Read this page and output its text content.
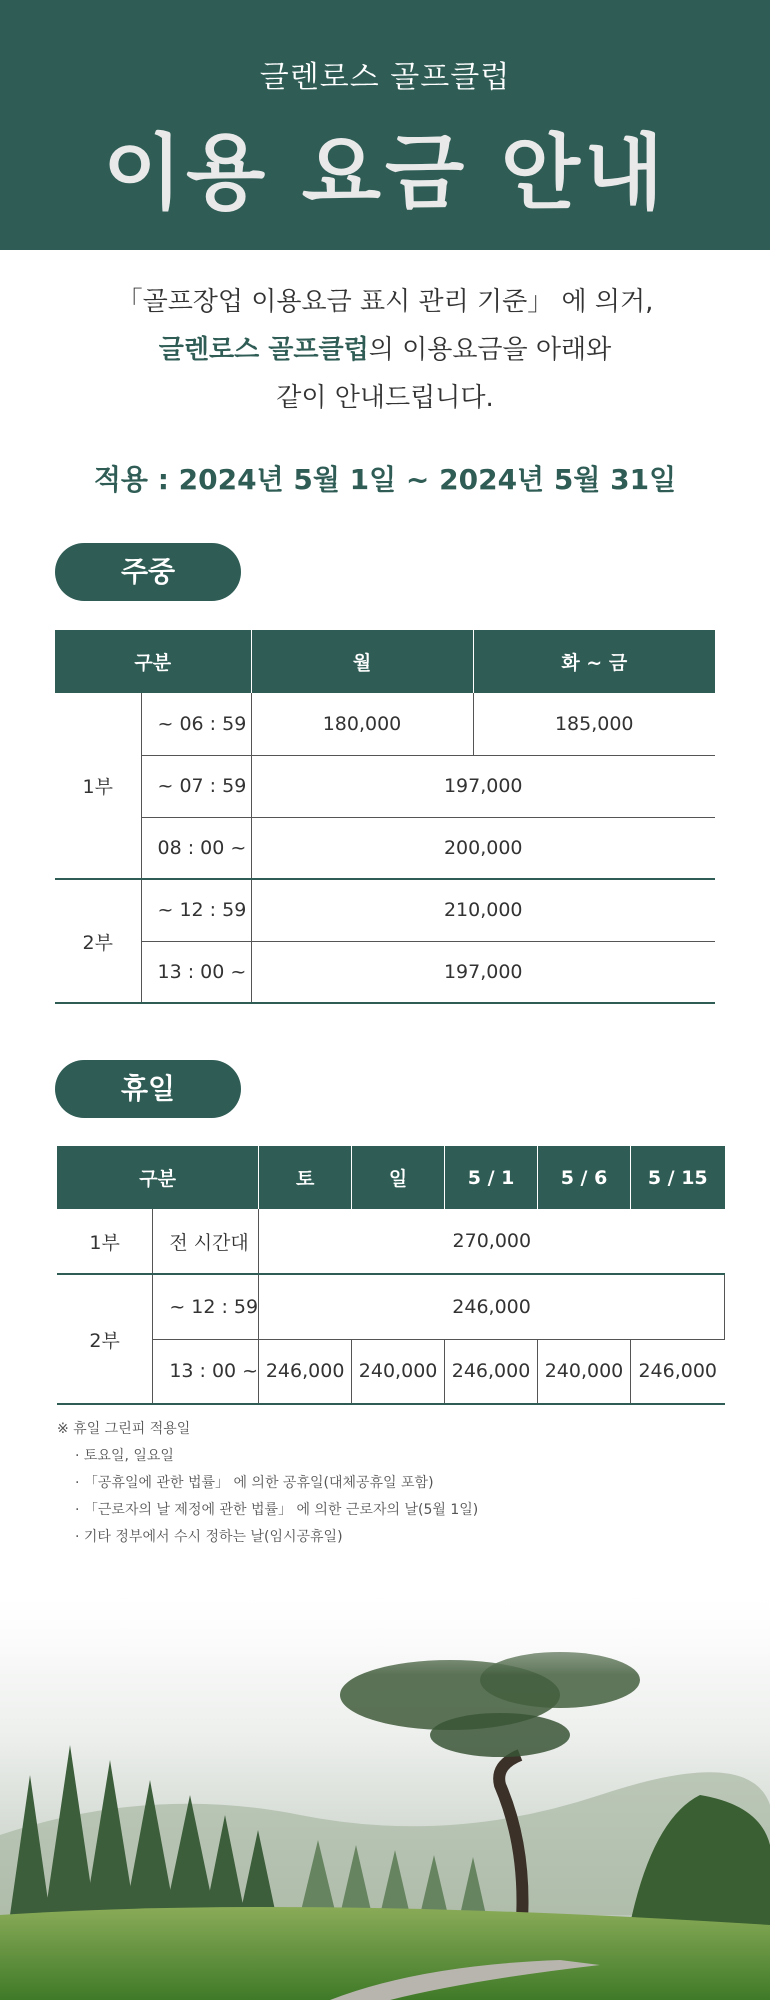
글렌로스 골프클럽
이용 요금 안내
「골프장업 이용요금 표시 관리 기준」 에 의거,
글렌로스 골프클럽의 이용요금을 아래와
같이 안내드립니다.
적용 : 2024년 5월 1일 ~ 2024년 5월 31일
주중
구분		월	화 ~ 금
1부	~ 06 : 59	180,000	185,000
	~ 07 : 59	197,000	
	08 : 00 ~	200,000	
2부	~ 12 : 59	210,000	
	13 : 00 ~	197,000	
휴일
구분		토	일	5 / 1	5 / 6	5 / 15
1부	전 시간대	270,000				
2부	~ 12 : 59	246,000				
	13 : 00 ~	246,000	240,000	246,000	240,000	246,000
※ 휴일 그린피 적용일
· 토요일, 일요일
· 「공휴일에 관한 법률」 에 의한 공휴일(대체공휴일 포함)
· 「근로자의 날 제정에 관한 법률」 에 의한 근로자의 날(5월 1일)
· 기타 정부에서 수시 정하는 날(임시공휴일)
